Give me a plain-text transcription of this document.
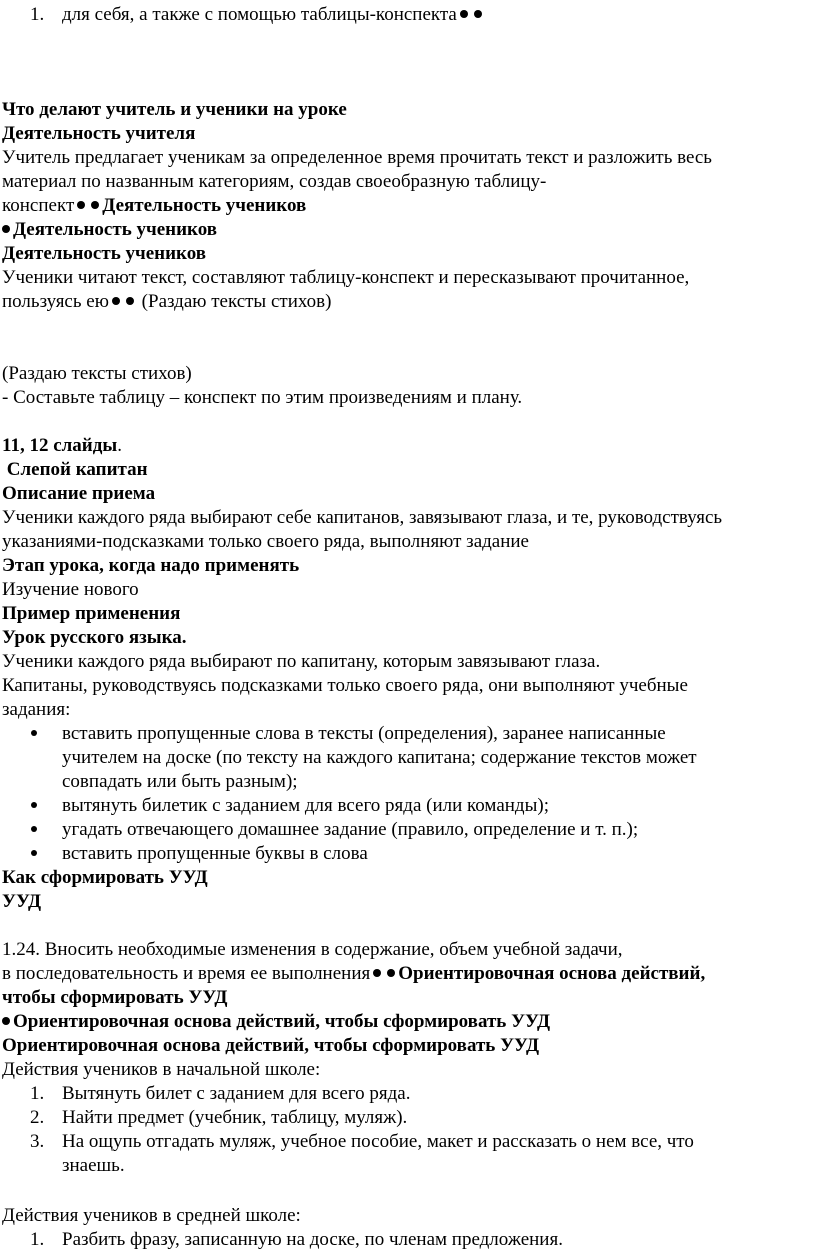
1. для себя, а также с помощью таблицы-конспекта
Что делают учитель и ученики на уроке
Деятельность учителя
Учитель предлагает ученикам за определенное время прочитать текст и разложить весь
материал по названным категориям, создав своеобразную таблицу-
конспект Деятельность учеников
Деятельность учеников
Деятельность учеников
Ученики читают текст, составляют таблицу-конспект и пересказывают прочитанное,
пользуясь ею (Раздаю тексты стихов)
(Раздаю тексты стихов)
- Составьте таблицу – конспект по этим произведениям и плану.
11, 12 слайды.
Слепой капитан
Описание приема
Ученики каждого ряда выбирают себе капитанов, завязывают глаза, и те, руководствуясь
указаниями-подсказками только своего ряда, выполняют задание
Этап урока, когда надо применять
Изучение нового
Пример применения
Урок русского языка.
Ученики каждого ряда выбирают по капитану, которым завязывают глаза.
Капитаны, руководствуясь подсказками только своего ряда, они выполняют учебные
задания:
вставить пропущенные слова в тексты (определения), заранее написанные
учителем на доске (по тексту на каждого капитана; содержание текстов может
совпадать или быть разным);
вытянуть билетик с заданием для всего ряда (или команды);
угадать отвечающего домашнее задание (правило, определение и т. п.);
вставить пропущенные буквы в слова
Как сформировать УУД
УУД
1.24. Вносить необходимые изменения в содержание, объем учебной задачи,
в последовательность и время ее выполнения Ориентировочная основа действий,
чтобы сформировать УУД
Ориентировочная основа действий, чтобы сформировать УУД
Ориентировочная основа действий, чтобы сформировать УУД
Действия учеников в начальной школе:
1. Вытянуть билет с заданием для всего ряда.
2. Найти предмет (учебник, таблицу, муляж).
3. На ощупь отгадать муляж, учебное пособие, макет и рассказать о нем все, что
знаешь.
Действия учеников в средней школе:
1. Разбить фразу, записанную на доске, по членам предложения.
